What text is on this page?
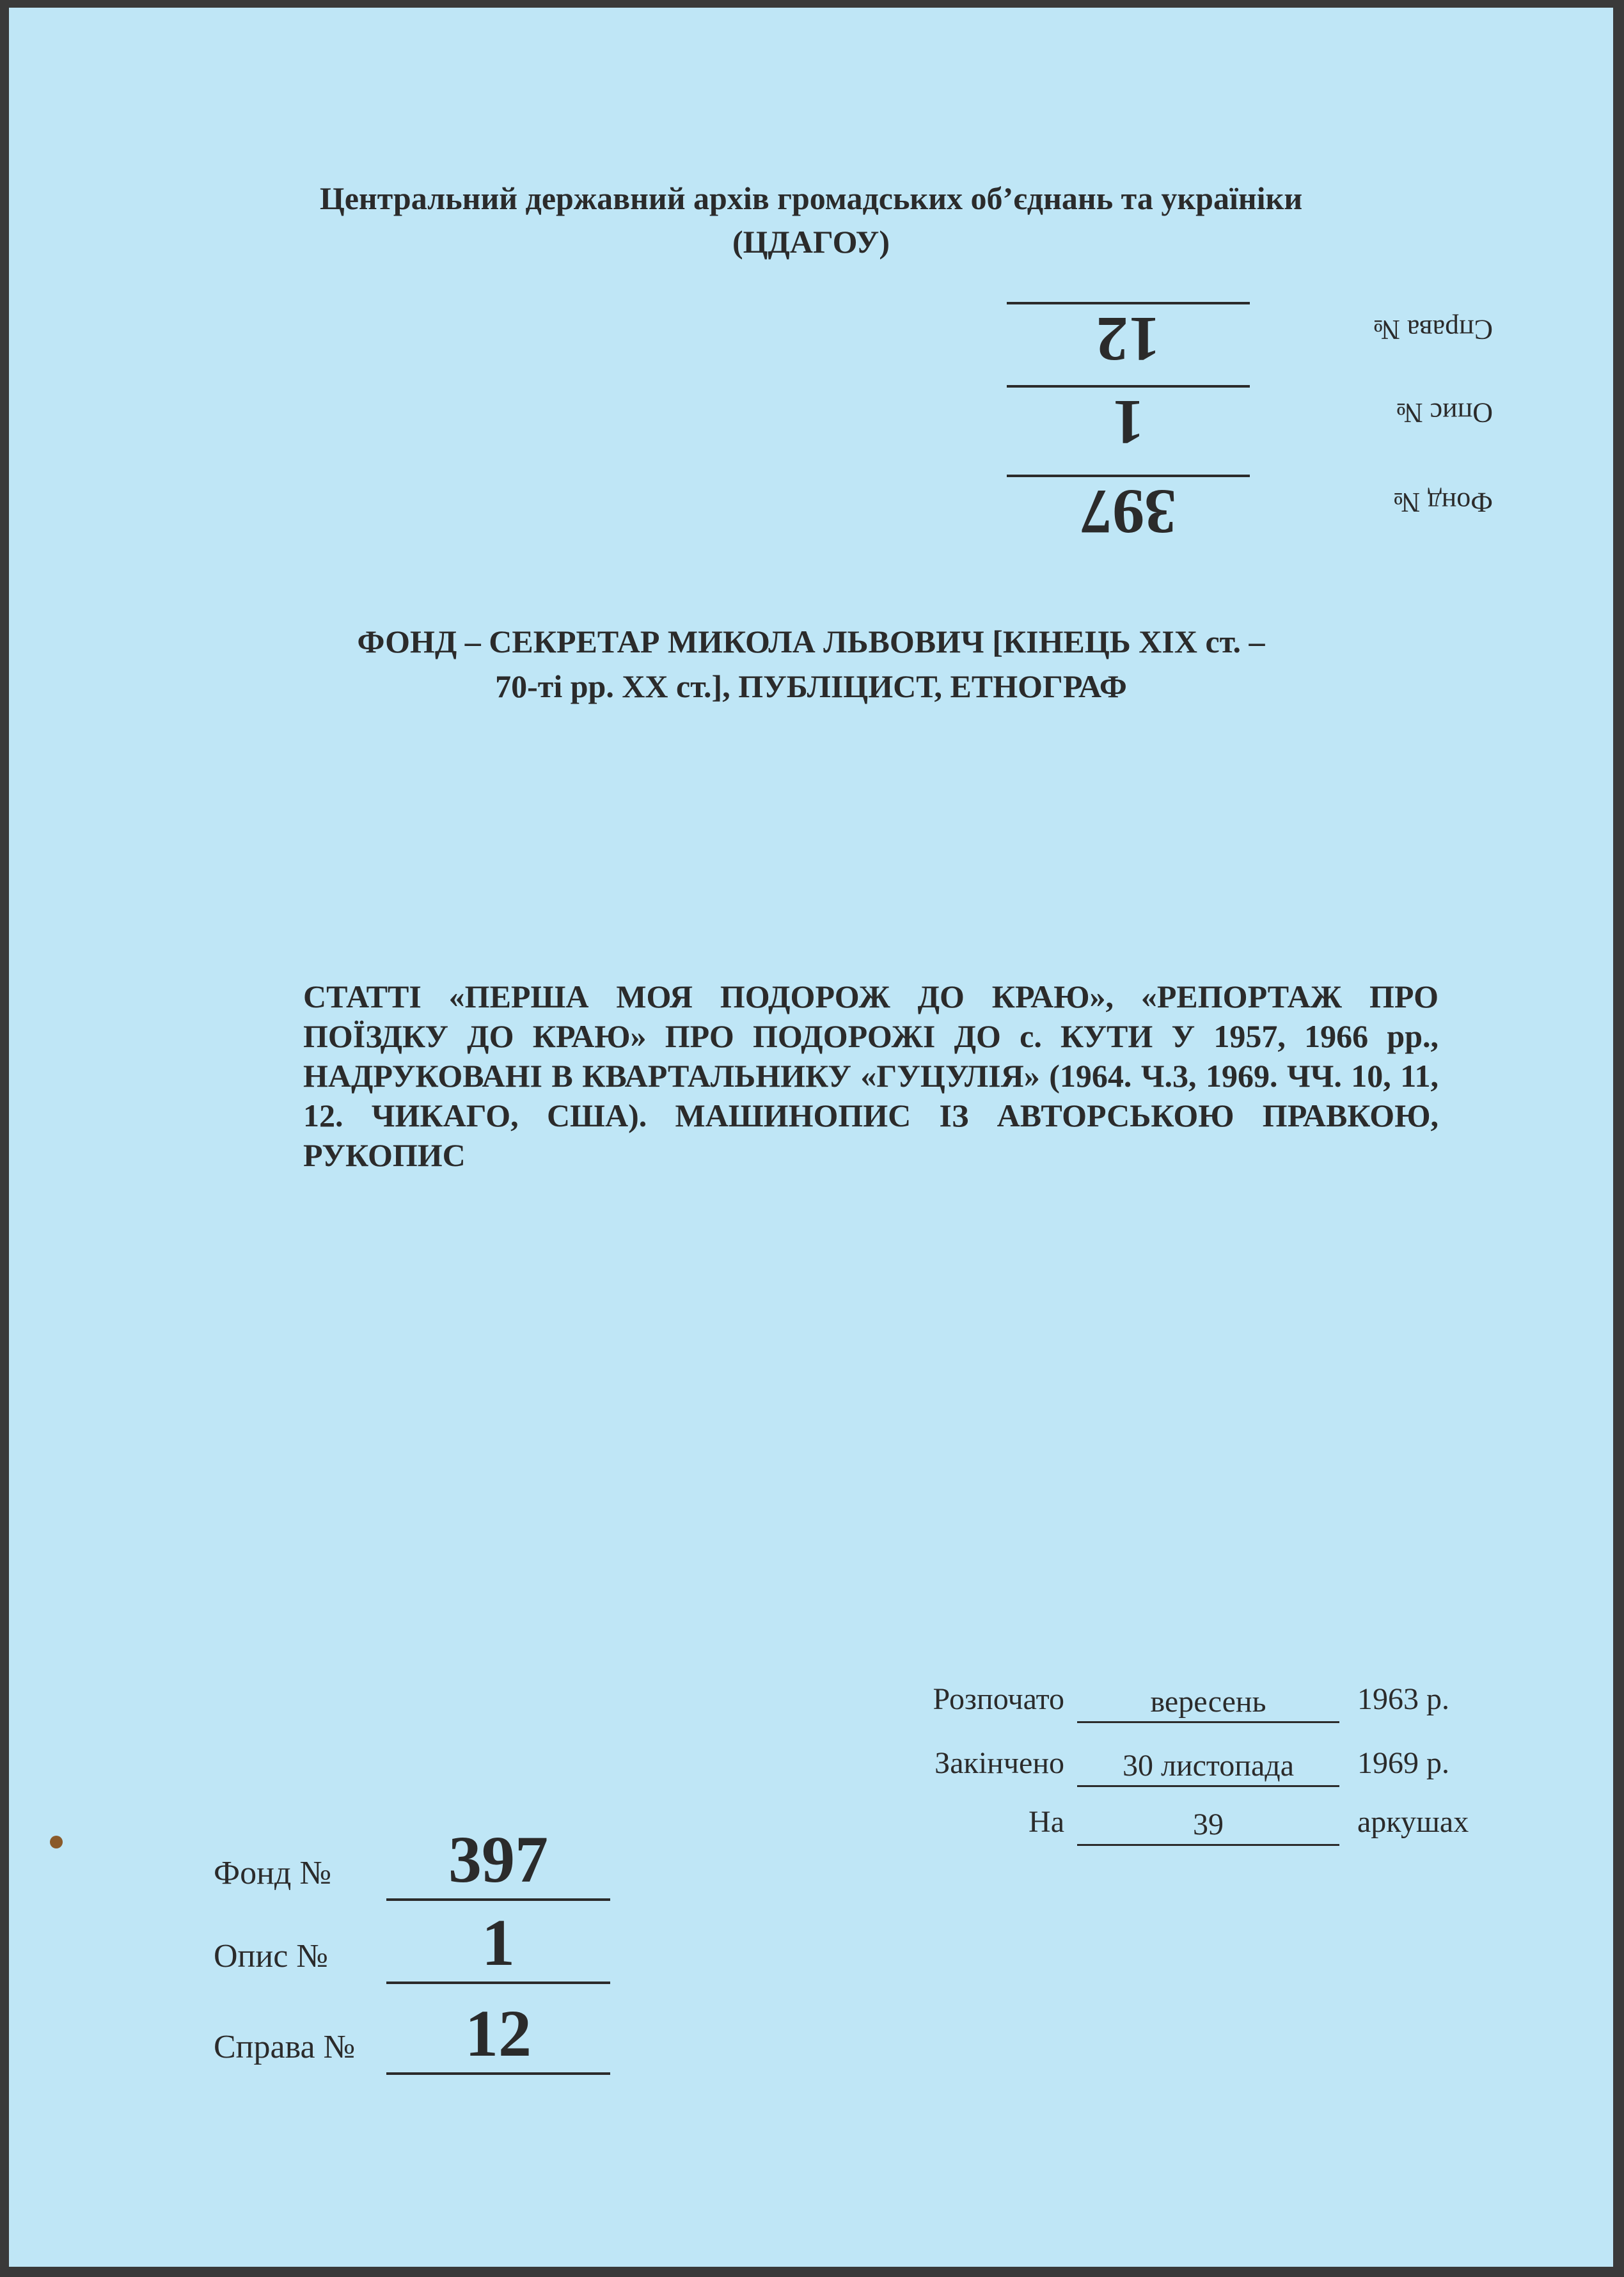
Центральний державний архів громадських об’єднань та україніки
(ЦДАГОУ)
Фонд №
397
Опис №
1
Справа №
12
ФОНД – СЕКРЕТАР МИКОЛА ЛЬВОВИЧ [КІНЕЦЬ XIX ст. –
70-ті рр. XX ст.], ПУБЛІЦИСТ, ЕТНОГРАФ
СТАТТІ «ПЕРША МОЯ ПОДОРОЖ ДО КРАЮ», «РЕПОРТАЖ ПРО ПОЇЗДКУ ДО КРАЮ» ПРО ПОДОРОЖІ ДО с. КУТИ У 1957, 1966 рр., НАДРУКОВАНІ В КВАРТАЛЬНИКУ «ГУЦУЛІЯ» (1964. Ч.3, 1969. ЧЧ. 10, 11, 12. ЧИКАГО, США). МАШИНОПИС ІЗ АВТОРСЬКОЮ ПРАВКОЮ, РУКОПИС
Розпочато	вересень	1963 р.
Закінчено	30 листопада	1969 р.
На	39	аркушах
Фонд №	397
Опис №	1
Справа №	12
